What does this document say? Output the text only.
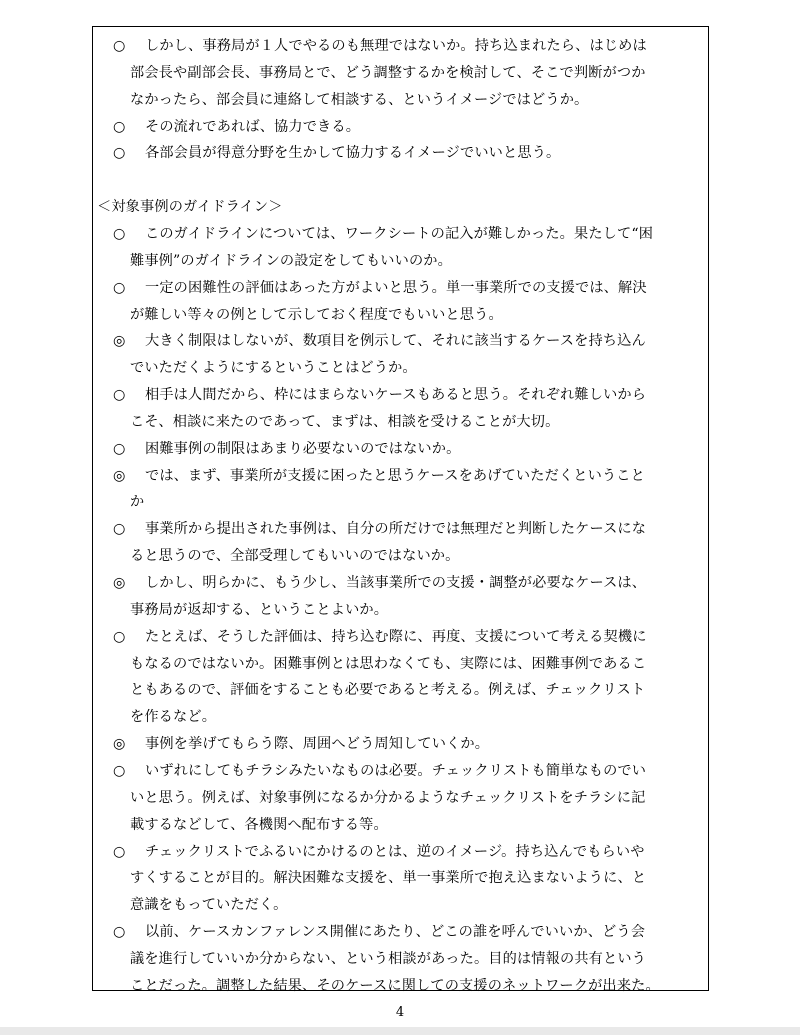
○ しかし、事務局が１人でやるのも無理ではないか。持ち込まれたら、はじめは
部会長や副部会長、事務局とで、どう調整するかを検討して、そこで判断がつか
なかったら、部会員に連絡して相談する、というイメージではどうか。
○ その流れであれば、協力できる。
○ 各部会員が得意分野を生かして協力するイメージでいいと思う。
＜対象事例のガイドライン＞
○ このガイドラインについては、ワークシートの記入が難しかった。果たして“困
難事例”のガイドラインの設定をしてもいいのか。
○ 一定の困難性の評価はあった方がよいと思う。単一事業所での支援では、解決
が難しい等々の例として示しておく程度でもいいと思う。
◎ 大きく制限はしないが、数項目を例示して、それに該当するケースを持ち込ん
でいただくようにするということはどうか。
○ 相手は人間だから、枠にはまらないケースもあると思う。それぞれ難しいから
こそ、相談に来たのであって、まずは、相談を受けることが大切。
○ 困難事例の制限はあまり必要ないのではないか。
◎ では、まず、事業所が支援に困ったと思うケースをあげていただくということ
か
○ 事業所から提出された事例は、自分の所だけでは無理だと判断したケースにな
ると思うので、全部受理してもいいのではないか。
◎ しかし、明らかに、もう少し、当該事業所での支援・調整が必要なケースは、
事務局が返却する、ということよいか。
○ たとえば、そうした評価は、持ち込む際に、再度、支援について考える契機に
もなるのではないか。困難事例とは思わなくても、実際には、困難事例であるこ
ともあるので、評価をすることも必要であると考える。例えば、チェックリスト
を作るなど。
◎ 事例を挙げてもらう際、周囲へどう周知していくか。
○ いずれにしてもチラシみたいなものは必要。チェックリストも簡単なものでい
いと思う。例えば、対象事例になるか分かるようなチェックリストをチラシに記
載するなどして、各機関へ配布する等。
○ チェックリストでふるいにかけるのとは、逆のイメージ。持ち込んでもらいや
すくすることが目的。解決困難な支援を、単一事業所で抱え込まないように、と
意識をもっていただく。
○ 以前、ケースカンファレンス開催にあたり、どこの誰を呼んでいいか、どう会
議を進行していいか分からない、という相談があった。目的は情報の共有という
ことだった。調整した結果、そのケースに関しての支援のネットワークが出来た。
4
